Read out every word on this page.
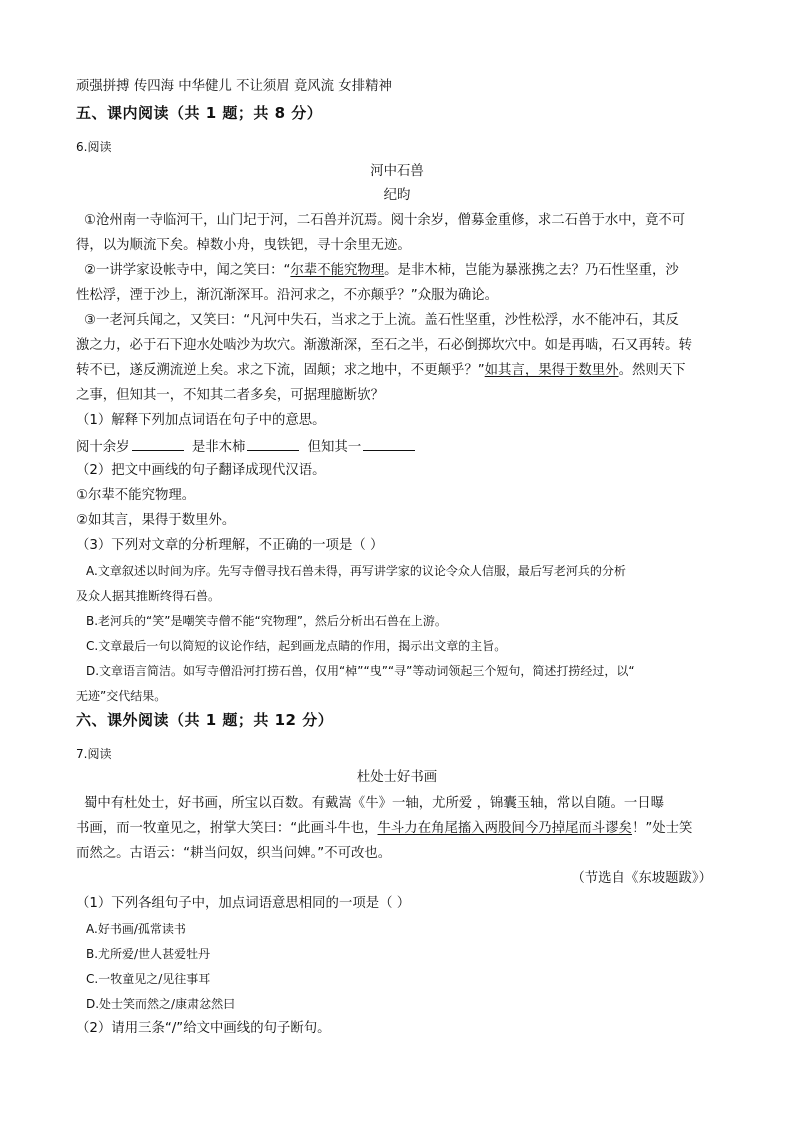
顽强拼搏 传四海 中华健儿 不让须眉 竟风流 女排精神
五、课内阅读（共 1 题；共 8 分）
6.阅读
河中石兽
纪昀
①沧州南一寺临河干，山门圮于河，二石兽并沉焉。阅十余岁，僧募金重修，求二石兽于水中，竟不可
得，以为顺流下矣。棹数小舟，曳铁钯，寻十余里无迹。
②一讲学家设帐寺中，闻之笑曰：“尔辈不能究物理。是非木柿，岂能为暴涨携之去？乃石性坚重，沙
性松浮，湮于沙上，渐沉渐深耳。沿河求之，不亦颠乎？”众服为确论。
③一老河兵闻之，又笑曰：“凡河中失石，当求之于上流。盖石性坚重，沙性松浮，水不能冲石，其反
激之力，必于石下迎水处啮沙为坎穴。渐激渐深，至石之半，石必倒掷坎穴中。如是再啮，石又再转。转
转不已，遂反溯流逆上矣。求之下流，固颠；求之地中，不更颠乎？”如其言，果得于数里外。然则天下
之事，但知其一，不知其二者多矣，可据理臆断欤？
（1）解释下列加点词语在句子中的意思。
阅十余岁	是非木柿	但知其一
（2）把文中画线的句子翻译成现代汉语。
①尔辈不能究物理。
②如其言，果得于数里外。
（3）下列对文章的分析理解，不正确的一项是（ ）
A.文章叙述以时间为序。先写寺僧寻找石兽未得，再写讲学家的议论令众人信服，最后写老河兵的分析
及众人据其推断终得石兽。
B.老河兵的“笑”是嘲笑寺僧不能“究物理”，然后分析出石兽在上游。
C.文章最后一句以简短的议论作结，起到画龙点睛的作用，揭示出文章的主旨。
D.文章语言简洁。如写寺僧沿河打捞石兽，仅用“棹”“曳”“寻”等动词领起三个短句，简述打捞经过，以“
无迹”交代结果。
六、课外阅读（共 1 题；共 12 分）
7.阅读
杜处士好书画
蜀中有杜处士，好书画，所宝以百数。有戴嵩《牛》一轴，尤所爱 ，锦囊玉轴，常以自随。一日曝
书画，而一牧童见之，拊掌大笑曰：“此画斗牛也，牛斗力在角尾搐入两股间今乃掉尾而斗谬矣！”处士笑
而然之。古语云：“耕当问奴，织当问婢。”不可改也。
（节选自《东坡题跋》）
（1）下列各组句子中，加点词语意思相同的一项是（ ）
A.好书画/孤常读书
B.尤所爱/世人甚爱牡丹
C.一牧童见之/见往事耳
D.处士笑而然之/康肃忿然曰
（2）请用三条“/”给文中画线的句子断句。
